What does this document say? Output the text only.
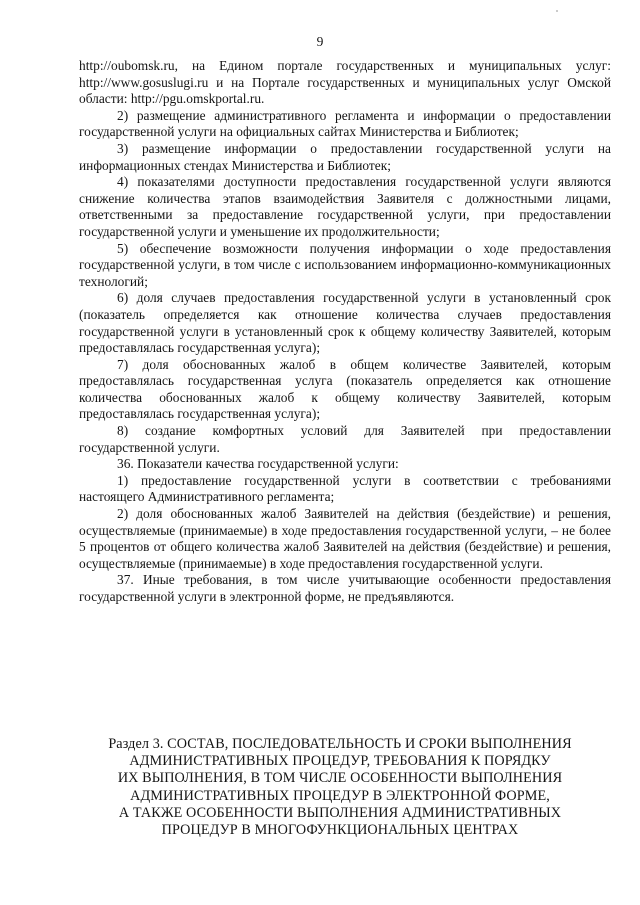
9

http://oubomsk.ru, на Едином портале государственных и муниципальных услуг: http://www.gosuslugi.ru и на Портале государственных и муниципальных услуг Омской области: http://pgu.omskportal.ru.

2) размещение административного регламента и информации о предоставлении государственной услуги на официальных сайтах Министерства и Библиотек;

3) размещение информации о предоставлении государственной услуги на информационных стендах Министерства и Библиотек;

4) показателями доступности предоставления государственной услуги являются снижение количества этапов взаимодействия Заявителя с должностными лицами, ответственными за предоставление государственной услуги, при предоставлении государственной услуги и уменьшение их продолжительности;

5) обеспечение возможности получения информации о ходе предоставления государственной услуги, в том числе с использованием информационно-коммуникационных технологий;

6) доля случаев предоставления государственной услуги в установленный срок (показатель определяется как отношение количества случаев предоставления государственной услуги в установленный срок к общему количеству Заявителей, которым предоставлялась государственная услуга);

7) доля обоснованных жалоб в общем количестве Заявителей, которым предоставлялась государственная услуга (показатель определяется как отношение количества обоснованных жалоб к общему количеству Заявителей, которым предоставлялась государственная услуга);

8) создание комфортных условий для Заявителей при предоставлении государственной услуги.

36. Показатели качества государственной услуги:

1) предоставление государственной услуги в соответствии с требованиями настоящего Административного регламента;

2) доля обоснованных жалоб Заявителей на действия (бездействие) и решения, осуществляемые (принимаемые) в ходе предоставления государственной услуги, – не более 5 процентов от общего количества жалоб Заявителей на действия (бездействие) и решения, осуществляемые (принимаемые) в ходе предоставления государственной услуги.

37. Иные требования, в том числе учитывающие особенности предоставления государственной услуги в электронной форме, не предъявляются.

Раздел 3. СОСТАВ, ПОСЛЕДОВАТЕЛЬНОСТЬ И СРОКИ ВЫПОЛНЕНИЯ
АДМИНИСТРАТИВНЫХ ПРОЦЕДУР, ТРЕБОВАНИЯ К ПОРЯДКУ
ИХ ВЫПОЛНЕНИЯ, В ТОМ ЧИСЛЕ ОСОБЕННОСТИ ВЫПОЛНЕНИЯ
АДМИНИСТРАТИВНЫХ ПРОЦЕДУР В ЭЛЕКТРОННОЙ ФОРМЕ,
А ТАКЖЕ ОСОБЕННОСТИ ВЫПОЛНЕНИЯ АДМИНИСТРАТИВНЫХ
ПРОЦЕДУР В МНОГОФУНКЦИОНАЛЬНЫХ ЦЕНТРАХ
